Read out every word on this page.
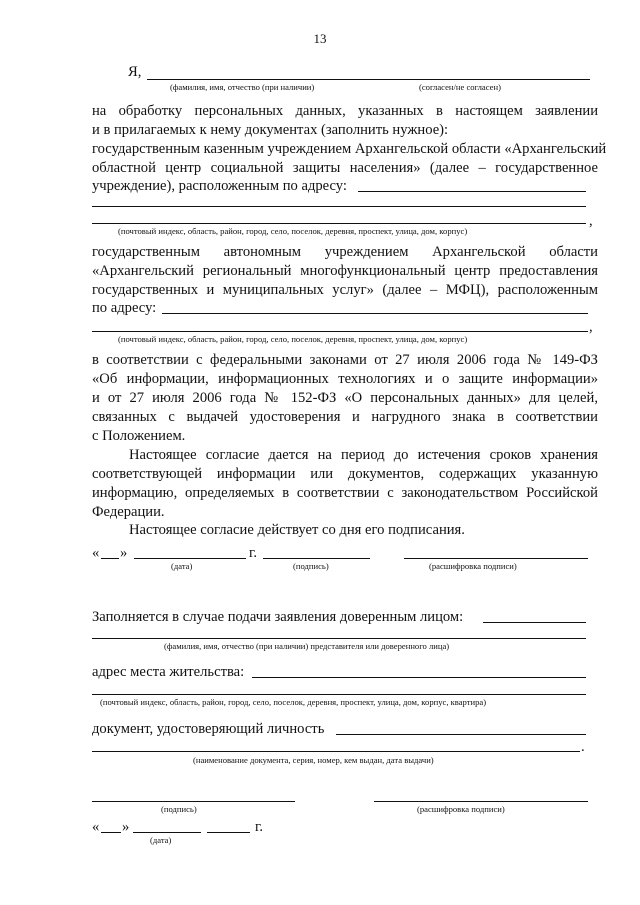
13
Я,
(фамилия, имя, отчество (при наличии)	(согласен/не согласен)
на обработку персональных данных, указанных в настоящем заявлении
и в прилагаемых к нему документах (заполнить нужное):
государственным казенным учреждением Архангельской области «Архангельский
областной центр социальной защиты населения» (далее – государственное
учреждение), расположенным по адресу:
,
(почтовый индекс, область, район, город, село, поселок, деревня, проспект, улица, дом, корпус)
государственным автономным учреждением Архангельской области
«Архангельский региональный многофункциональный центр предоставления
государственных и муниципальных услуг» (далее – МФЦ), расположенным
по адресу:
,
(почтовый индекс, область, район, город, село, поселок, деревня, проспект, улица, дом, корпус)
в соответствии с федеральными законами от 27 июля 2006 года № 149-ФЗ
«Об информации, информационных технологиях и о защите информации»
и от 27 июля 2006 года № 152-ФЗ «О персональных данных» для целей,
связанных с выдачей удостоверения и нагрудного знака в соответствии
с Положением.
Настоящее согласие дается на период до истечения сроков хранения
соответствующей информации или документов, содержащих указанную
информацию, определяемых в соответствии с законодательством Российской
Федерации.
Настоящее согласие действует со дня его подписания.
« »	г.
(дата)	(подпись)	(расшифровка подписи)
Заполняется в случае подачи заявления доверенным лицом:
(фамилия, имя, отчество (при наличии) представителя или доверенного лица)
адрес места жительства:
(почтовый индекс, область, район, город, село, поселок, деревня, проспект, улица, дом, корпус, квартира)
документ, удостоверяющий личность
.
(наименование документа, серия, номер, кем выдан, дата выдачи)
(подпись)	(расшифровка подписи)
« »	г.
(дата)
